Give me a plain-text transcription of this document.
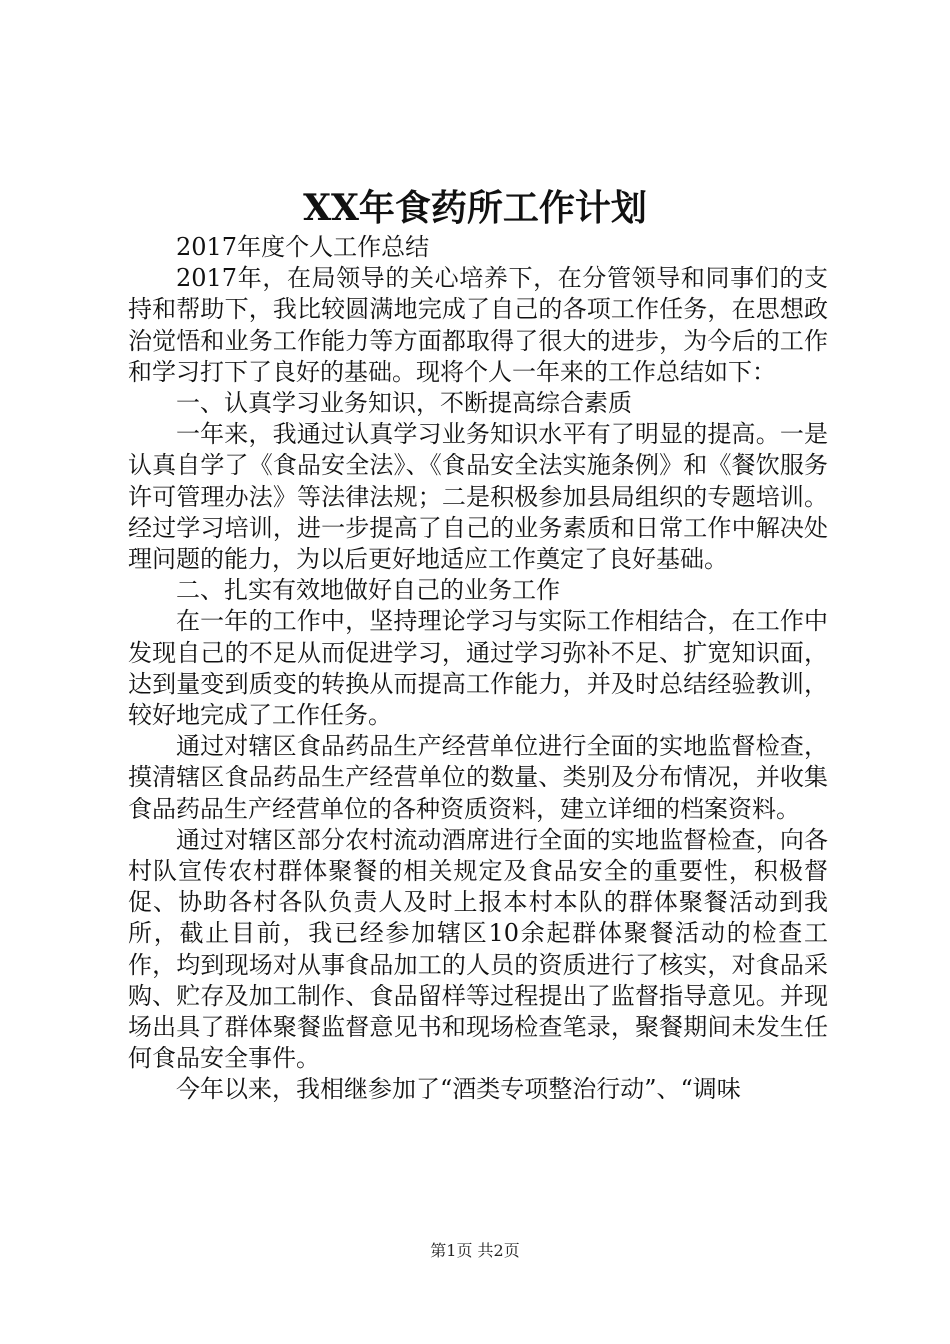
XX年食药所工作计划

2017年度个人工作总结

2017年，在局领导的关心培养下，在分管领导和同事们的支持和帮助下，我比较圆满地完成了自己的各项工作任务，在思想政治觉悟和业务工作能力等方面都取得了很大的进步，为今后的工作和学习打下了良好的基础。现将个人一年来的工作总结如下：

一、认真学习业务知识，不断提高综合素质

一年来，我通过认真学习业务知识水平有了明显的提高。一是认真自学了《食品安全法》、《食品安全法实施条例》和《餐饮服务许可管理办法》等法律法规；二是积极参加县局组织的专题培训。经过学习培训，进一步提高了自己的业务素质和日常工作中解决处理问题的能力，为以后更好地适应工作奠定了良好基础。

二、扎实有效地做好自己的业务工作

在一年的工作中，坚持理论学习与实际工作相结合，在工作中发现自己的不足从而促进学习，通过学习弥补不足、扩宽知识面，达到量变到质变的转换从而提高工作能力，并及时总结经验教训，较好地完成了工作任务。

通过对辖区食品药品生产经营单位进行全面的实地监督检查，摸清辖区食品药品生产经营单位的数量、类别及分布情况，并收集食品药品生产经营单位的各种资质资料，建立详细的档案资料。

通过对辖区部分农村流动酒席进行全面的实地监督检查，向各村队宣传农村群体聚餐的相关规定及食品安全的重要性，积极督促、协助各村各队负责人及时上报本村本队的群体聚餐活动到我所，截止目前，我已经参加辖区10余起群体聚餐活动的检查工作，均到现场对从事食品加工的人员的资质进行了核实，对食品采购、贮存及加工制作、食品留样等过程提出了监督指导意见。并现场出具了群体聚餐监督意见书和现场检查笔录，聚餐期间未发生任何食品安全事件。

今年以来，我相继参加了“酒类专项整治行动”、“调味

第1页 共2页
